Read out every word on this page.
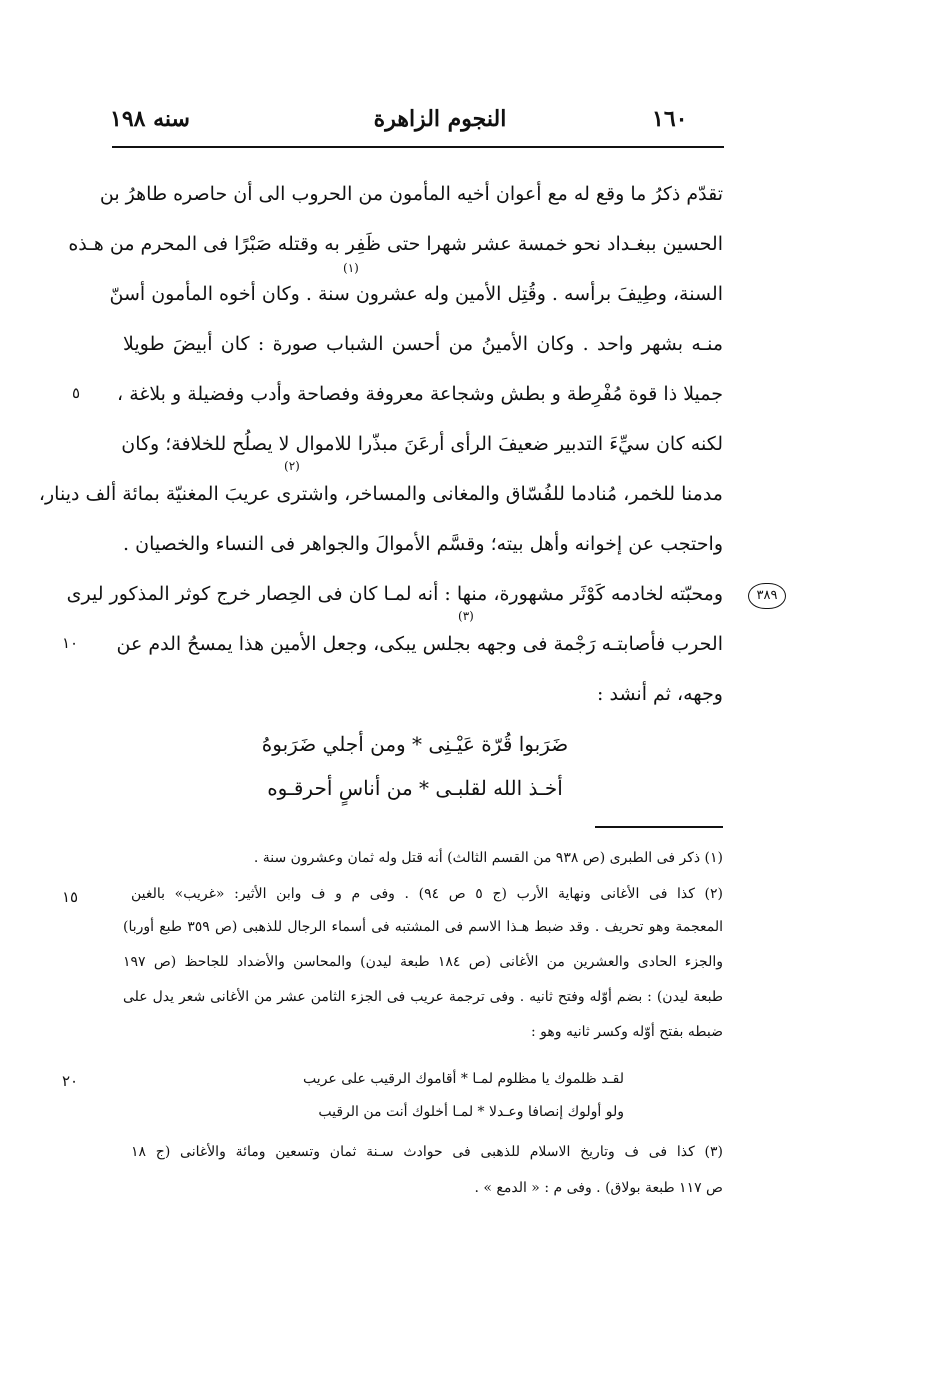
١٦٠
النجوم الزاهرة
سنه ١٩٨
تقدّم ذكرُ ما وقع له مع أعوان أخيه المأمون من الحروب الى أن حاصره طاهرُ بن
الحسين ببغـداد نحو خمسة عشر شهرا حتى ظَفِر به وقتله صَبْرًا فى المحرم من هـذه
السنة، وطِيفَ برأسه . وقُتِل الأمين وله عشرون سنة . وكان أخوه المأمون أسنّ
منـه بشهر واحد . وكان الأمينُ من أحسن الشباب صورة : كان أبيضَ طويلا
جميلا ذا قوة مُفْرِطة و بطش وشجاعة معروفة وفصاحة وأدب وفضيلة و بلاغة ،
لكنه كان سيِّءَ التدبير ضعيفَ الرأى أرعَنَ مبذّرا للاموال لا يصلُح للخلافة؛ وكان
مدمنا للخمر، مُنادما للفُسّاق والمغانى والمساخر، واشترى عريبَ المغنيّة بمائة ألف دينار،
واحتجب عن إخوانه وأهل بيته؛ وقسَّم الأموالَ والجواهر فى النساء والخصيان .
ومحبّته لخادمه كَوْثَر مشهورة، منها : أنه لمـا كان فى الحِصار خرج كوثر المذكور ليرى
الحرب فأصابتـه رَجْمة فى وجهه بجلس يبكى، وجعل الأمين هذا يمسحُ الدم عن
وجهه، ثم أنشد :
(١)
(٢)
(٣)
ضَرَبوا قُرّة عَيْـنِى * ومن أجلي ضَرَبوهُ
أخـذ الله لقلبـى * من أناسٍ أحرقـوه
٥
١٠
١٥
٢٠
٣٨٩
(١) ذكر فى الطبرى (ص ٩٣٨ من القسم الثالث) أنه قتل وله ثمان وعشرون سنة .
(٢) كذا فى الأغانى ونهاية الأرب (ج ٥ ص ٩٤) . وفى م و ف وابن الأثير: «غريب» بالغين
المعجمة وهو تحريف . وقد ضبط هـذا الاسم فى المشتبه فى أسماء الرجال للذهبى (ص ٣٥٩ طبع أوربا)
والجزء الحادى والعشرين من الأغانى (ص ١٨٤ طبعة ليدن) والمحاسن والأضداد للجاحظ (ص ١٩٧
طبعة ليدن) : بضم أوّله وفتح ثانيه . وفى ترجمة عريب فى الجزء الثامن عشر من الأغانى شعر يدل على
ضبطه بفتح أوّله وكسر ثانيه وهو :
لقـد ظلموك يا مظلوم لمـا * أقاموك الرقيب على عريب
ولو أولوك إنصافا وعـدلا * لمـا أخلوك أنت من الرقيب
(٣) كذا فى ف وتاريخ الاسلام للذهبى فى حوادث سـنة ثمان وتسعين ومائة والأغانى (ج ١٨
ص ١١٧ طبعة بولاق) . وفى م : « الدمع » .
